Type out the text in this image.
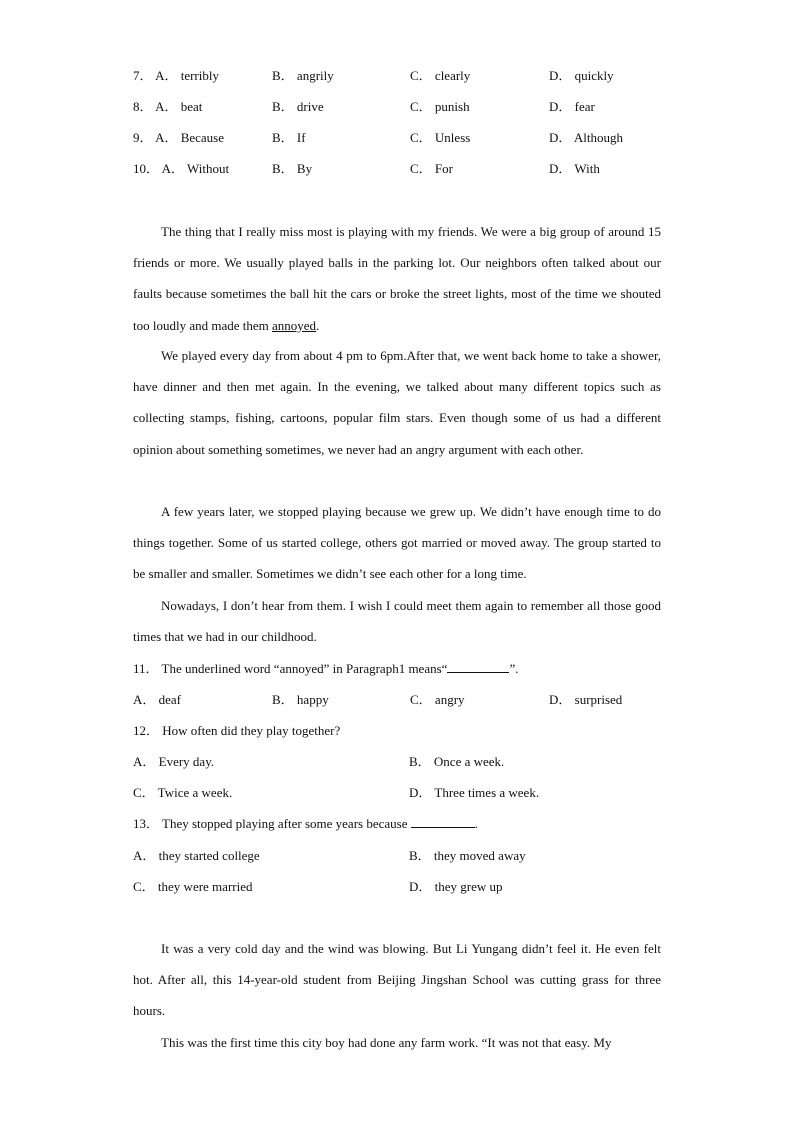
7． A． terribly	B． angrily	C． clearly	D． quickly
8． A． beat	B． drive	C． punish	D． fear
9． A． Because	B． If	C． Unless	D． Although
10． A． Without	B． By	C． For	D． With

The thing that I really miss most is playing with my friends. We were a big group of around 15 friends or more. We usually played balls in the parking lot. Our neighbors often talked about our faults because sometimes the ball hit the cars or broke the street lights, most of the time we shouted too loudly and made them annoyed.

We played every day from about 4 pm to 6pm.After that, we went back home to take a shower, have dinner and then met again. In the evening, we talked about many different topics such as collecting stamps, fishing, cartoons, popular film stars. Even though some of us had a different opinion about something sometimes, we never had an angry argument with each other.

A few years later, we stopped playing because we grew up. We didn’t have enough time to do things together. Some of us started college, others got married or moved away. The group started to be smaller and smaller. Sometimes we didn’t see each other for a long time.

Nowadays, I don’t hear from them. I wish I could meet them again to remember all those good times that we had in our childhood.

11． The underlined word “annoyed” in Paragraph1 means“	”.
A． deaf	B． happy	C． angry	D． surprised
12． How often did they play together?
A． Every day.	B． Once a week.
C． Twice a week.	D． Three times a week.
13． They stopped playing after some years because	.
A． they started college	B． they moved away
C． they were married	D． they grew up

It was a very cold day and the wind was blowing. But Li Yungang didn’t feel it. He even felt hot. After all, this 14-year-old student from Beijing Jingshan School was cutting grass for three hours.

This was the first time this city boy had done any farm work. “It was not that easy. My
